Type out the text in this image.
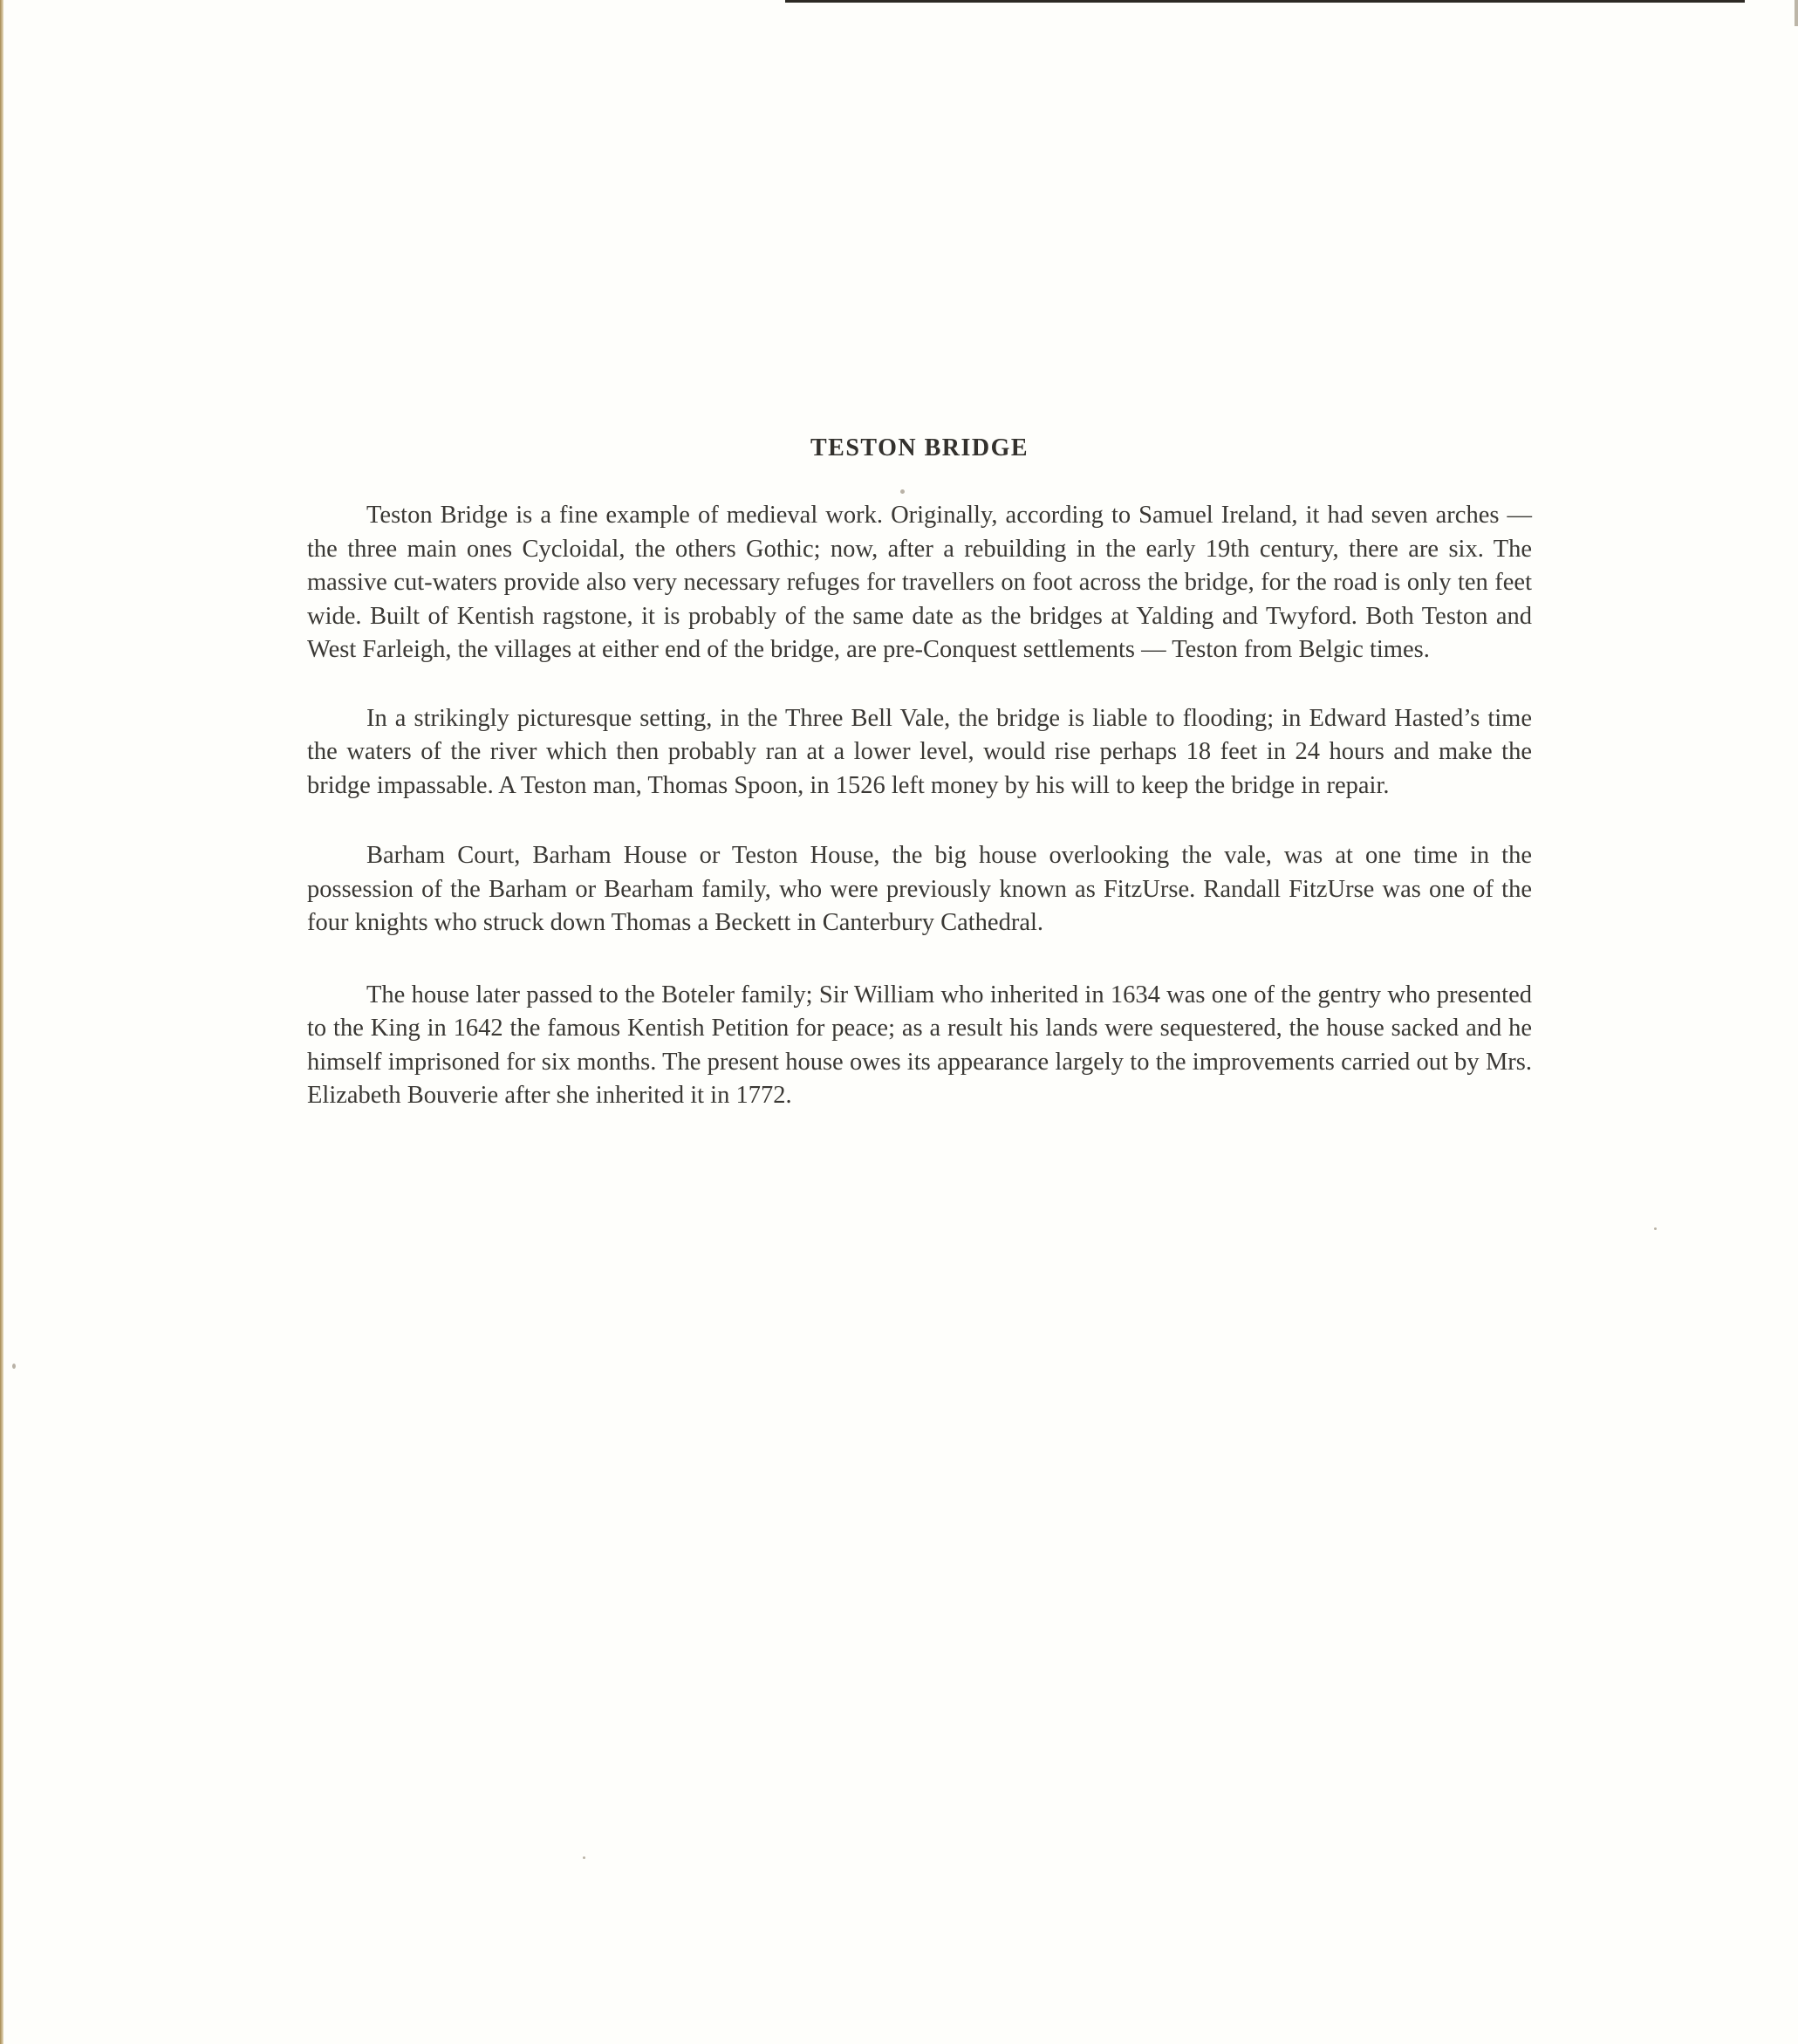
TESTON BRIDGE

Teston Bridge is a fine example of medieval work. Originally, according to Samuel Ireland, it had seven arches — the three main ones Cycloidal, the others Gothic; now, after a rebuilding in the early 19th century, there are six. The massive cut-waters provide also very necessary refuges for travellers on foot across the bridge, for the road is only ten feet wide. Built of Kentish ragstone, it is probably of the same date as the bridges at Yalding and Twyford. Both Teston and West Farleigh, the villages at either end of the bridge, are pre-Conquest settlements — Teston from Belgic times.

In a strikingly picturesque setting, in the Three Bell Vale, the bridge is liable to flooding; in Edward Hasted’s time the waters of the river which then probably ran at a lower level, would rise perhaps 18 feet in 24 hours and make the bridge impassable. A Teston man, Thomas Spoon, in 1526 left money by his will to keep the bridge in repair.

Barham Court, Barham House or Teston House, the big house overlooking the vale, was at one time in the possession of the Barham or Bearham family, who were previously known as FitzUrse. Randall FitzUrse was one of the four knights who struck down Thomas a Beckett in Canterbury Cathedral.

The house later passed to the Boteler family; Sir William who inherited in 1634 was one of the gentry who presented to the King in 1642 the famous Kentish Petition for peace; as a result his lands were sequestered, the house sacked and he himself imprisoned for six months. The present house owes its appearance largely to the improvements carried out by Mrs. Elizabeth Bouverie after she inherited it in 1772.
